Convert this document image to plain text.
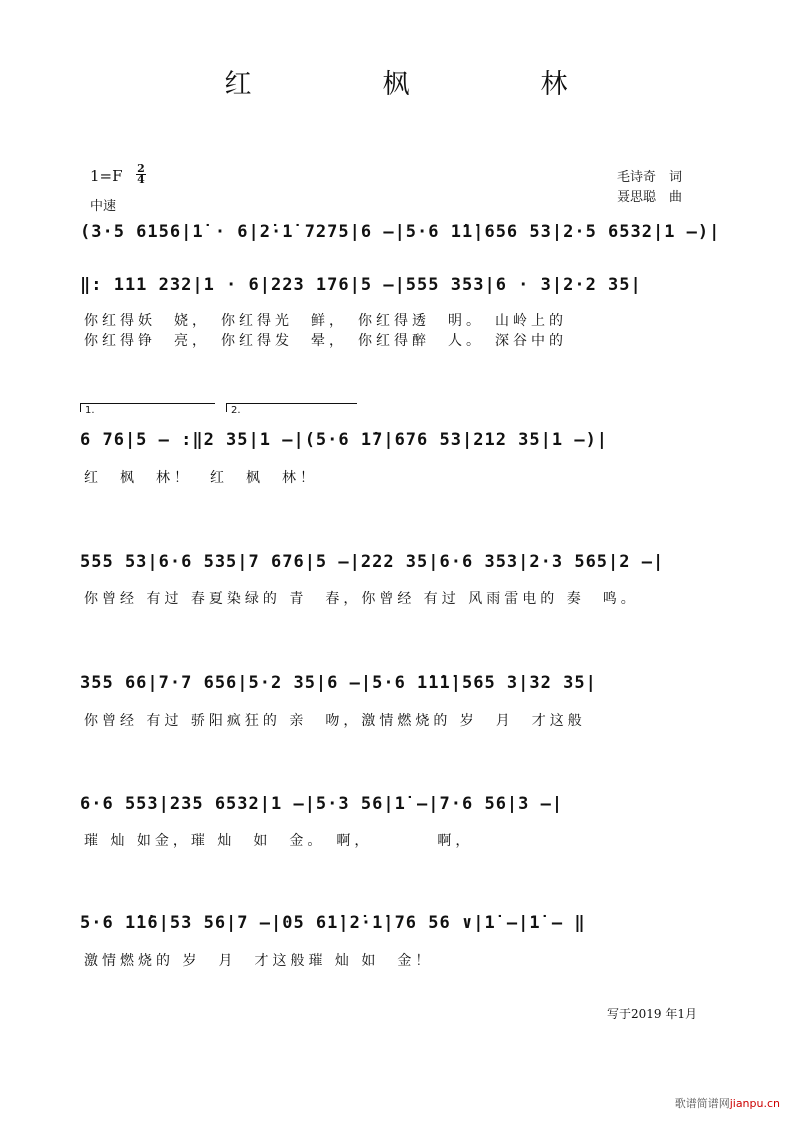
红　枫　林
1=F 2
4
中速
毛诗奇　词
聂思聪　曲
(3·5 6156|1̇ · 6|2̇·1̇ 7275|6 –|5·6 1̇1̇|656 53|2·5 6532|1 –)|
‖: 111 232|1 · 6|223 176|5 –|555 353|6 · 3|2·2 35|
你红得妖　娆，　你红得光　鲜，　你红得透　明。　山岭上的
你红得铮　亮，　你红得发　晕，　你红得醉　人。　深谷中的
1.	2.
6 76|5 – :‖2 35|1 –|(5·6 1̇7|676 53|212 35|1 –)|
红　枫　林！　红　枫　林！
555 53|6·6 535|7 676|5 –|222 35|6·6 353|2·3 565|2 –|
你曾经 有过 春夏染绿的 青　春，你曾经 有过 风雨雷电的 奏　鸣。
355 66|7·7 656|5·2 35|6 –|5·6 1̇1̇1̇|565 3|32 35|
你曾经 有过 骄阳疯狂的 亲　吻，激情燃烧的 岁　月　才这般
6·6 553|235 6532|1 –|5·3 56|1̇ –|7·6 56|3 –|
璀 灿 如金，璀 灿　如　金。　啊，　　　　啊，
5·6 1̇1̇6|53 56|7 –|05 61̇|2̇·1̇|76 56 ∨|1̇ –|1̇ – ‖
激情燃烧的 岁　月　才这般璀 灿 如　金！
写于2019 年1月
歌谱简谱网jianpu.cn
